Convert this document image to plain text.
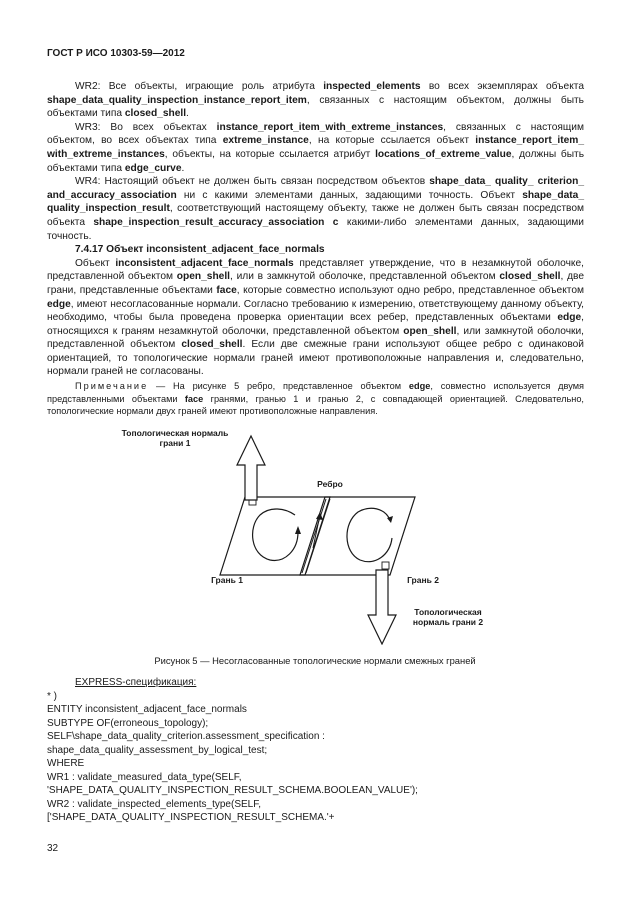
ГОСТ Р ИСО 10303-59—2012

WR2: Все объекты, играющие роль атрибута inspected_elements во всех экземплярах объекта shape_data_quality_inspection_instance_report_item, связанных с настоящим объектом, должны быть объектами типа closed_shell.

WR3: Во всех объектах instance_report_item_with_extreme_instances, связанных с настоящим объектом, во всех объектах типа extreme_instance, на которые ссылается объект instance_report_item_ with_extreme_instances, объекты, на которые ссылается атрибут locations_of_extreme_value, должны быть объектами типа edge_curve.

WR4: Настоящий объект не должен быть связан посредством объектов shape_data_ quality_ criterion_ and_accuracy_association ни с какими элементами данных, задающими точность. Объект shape_data_ quality_inspection_result, соответствующий настоящему объекту, также не должен быть связан посредством объекта shape_inspection_result_accuracy_association с какими-либо элементами данных, задающими точность.

7.4.17 Объект inconsistent_adjacent_face_normals

Объект inconsistent_adjacent_face_normals представляет утверждение, что в незамкнутой оболочке, представленной объектом open_shell, или в замкнутой оболочке, представленной объектом closed_shell, две грани, представленные объектами face, которые совместно используют одно ребро, представленное объектом edge, имеют несогласованные нормали. Согласно требованию к измерению, ответствующему данному объекту, необходимо, чтобы была проведена проверка ориентации всех ребер, представленных объектами edge, относящихся к граням незамкнутой оболочки, представленной объектом open_shell, или замкнутой оболочки, представленной объектом closed_shell. Если две смежные грани используют общее ребро с одинаковой ориентацией, то топологические нормали граней имеют противоположные направления и, следовательно, нормали граней не согласованы.

Примечание — На рисунке 5 ребро, представленное объектом edge, совместно используется двумя представленными объектами face гранями, гранью 1 и гранью 2, с совпадающей ориентацией. Следовательно, топологические нормали двух граней имеют противоположные направления.

Топологическая нормаль грани 1
Ребро
Грань 1	Грань 2
Топологическая нормаль грани 2
Рисунок 5 — Несогласованные топологические нормали смежных граней
EXPRESS-спецификация:
* )
ENTITY inconsistent_adjacent_face_normals
SUBTYPE OF(erroneous_topology);
SELF\shape_data_quality_criterion.assessment_specification :
shape_data_quality_assessment_by_logical_test;
WHERE
WR1 : validate_measured_data_type(SELF,
'SHAPE_DATA_QUALITY_INSPECTION_RESULT_SCHEMA.BOOLEAN_VALUE');
WR2 : validate_inspected_elements_type(SELF,
['SHAPE_DATA_QUALITY_INSPECTION_RESULT_SCHEMA.'+
32
